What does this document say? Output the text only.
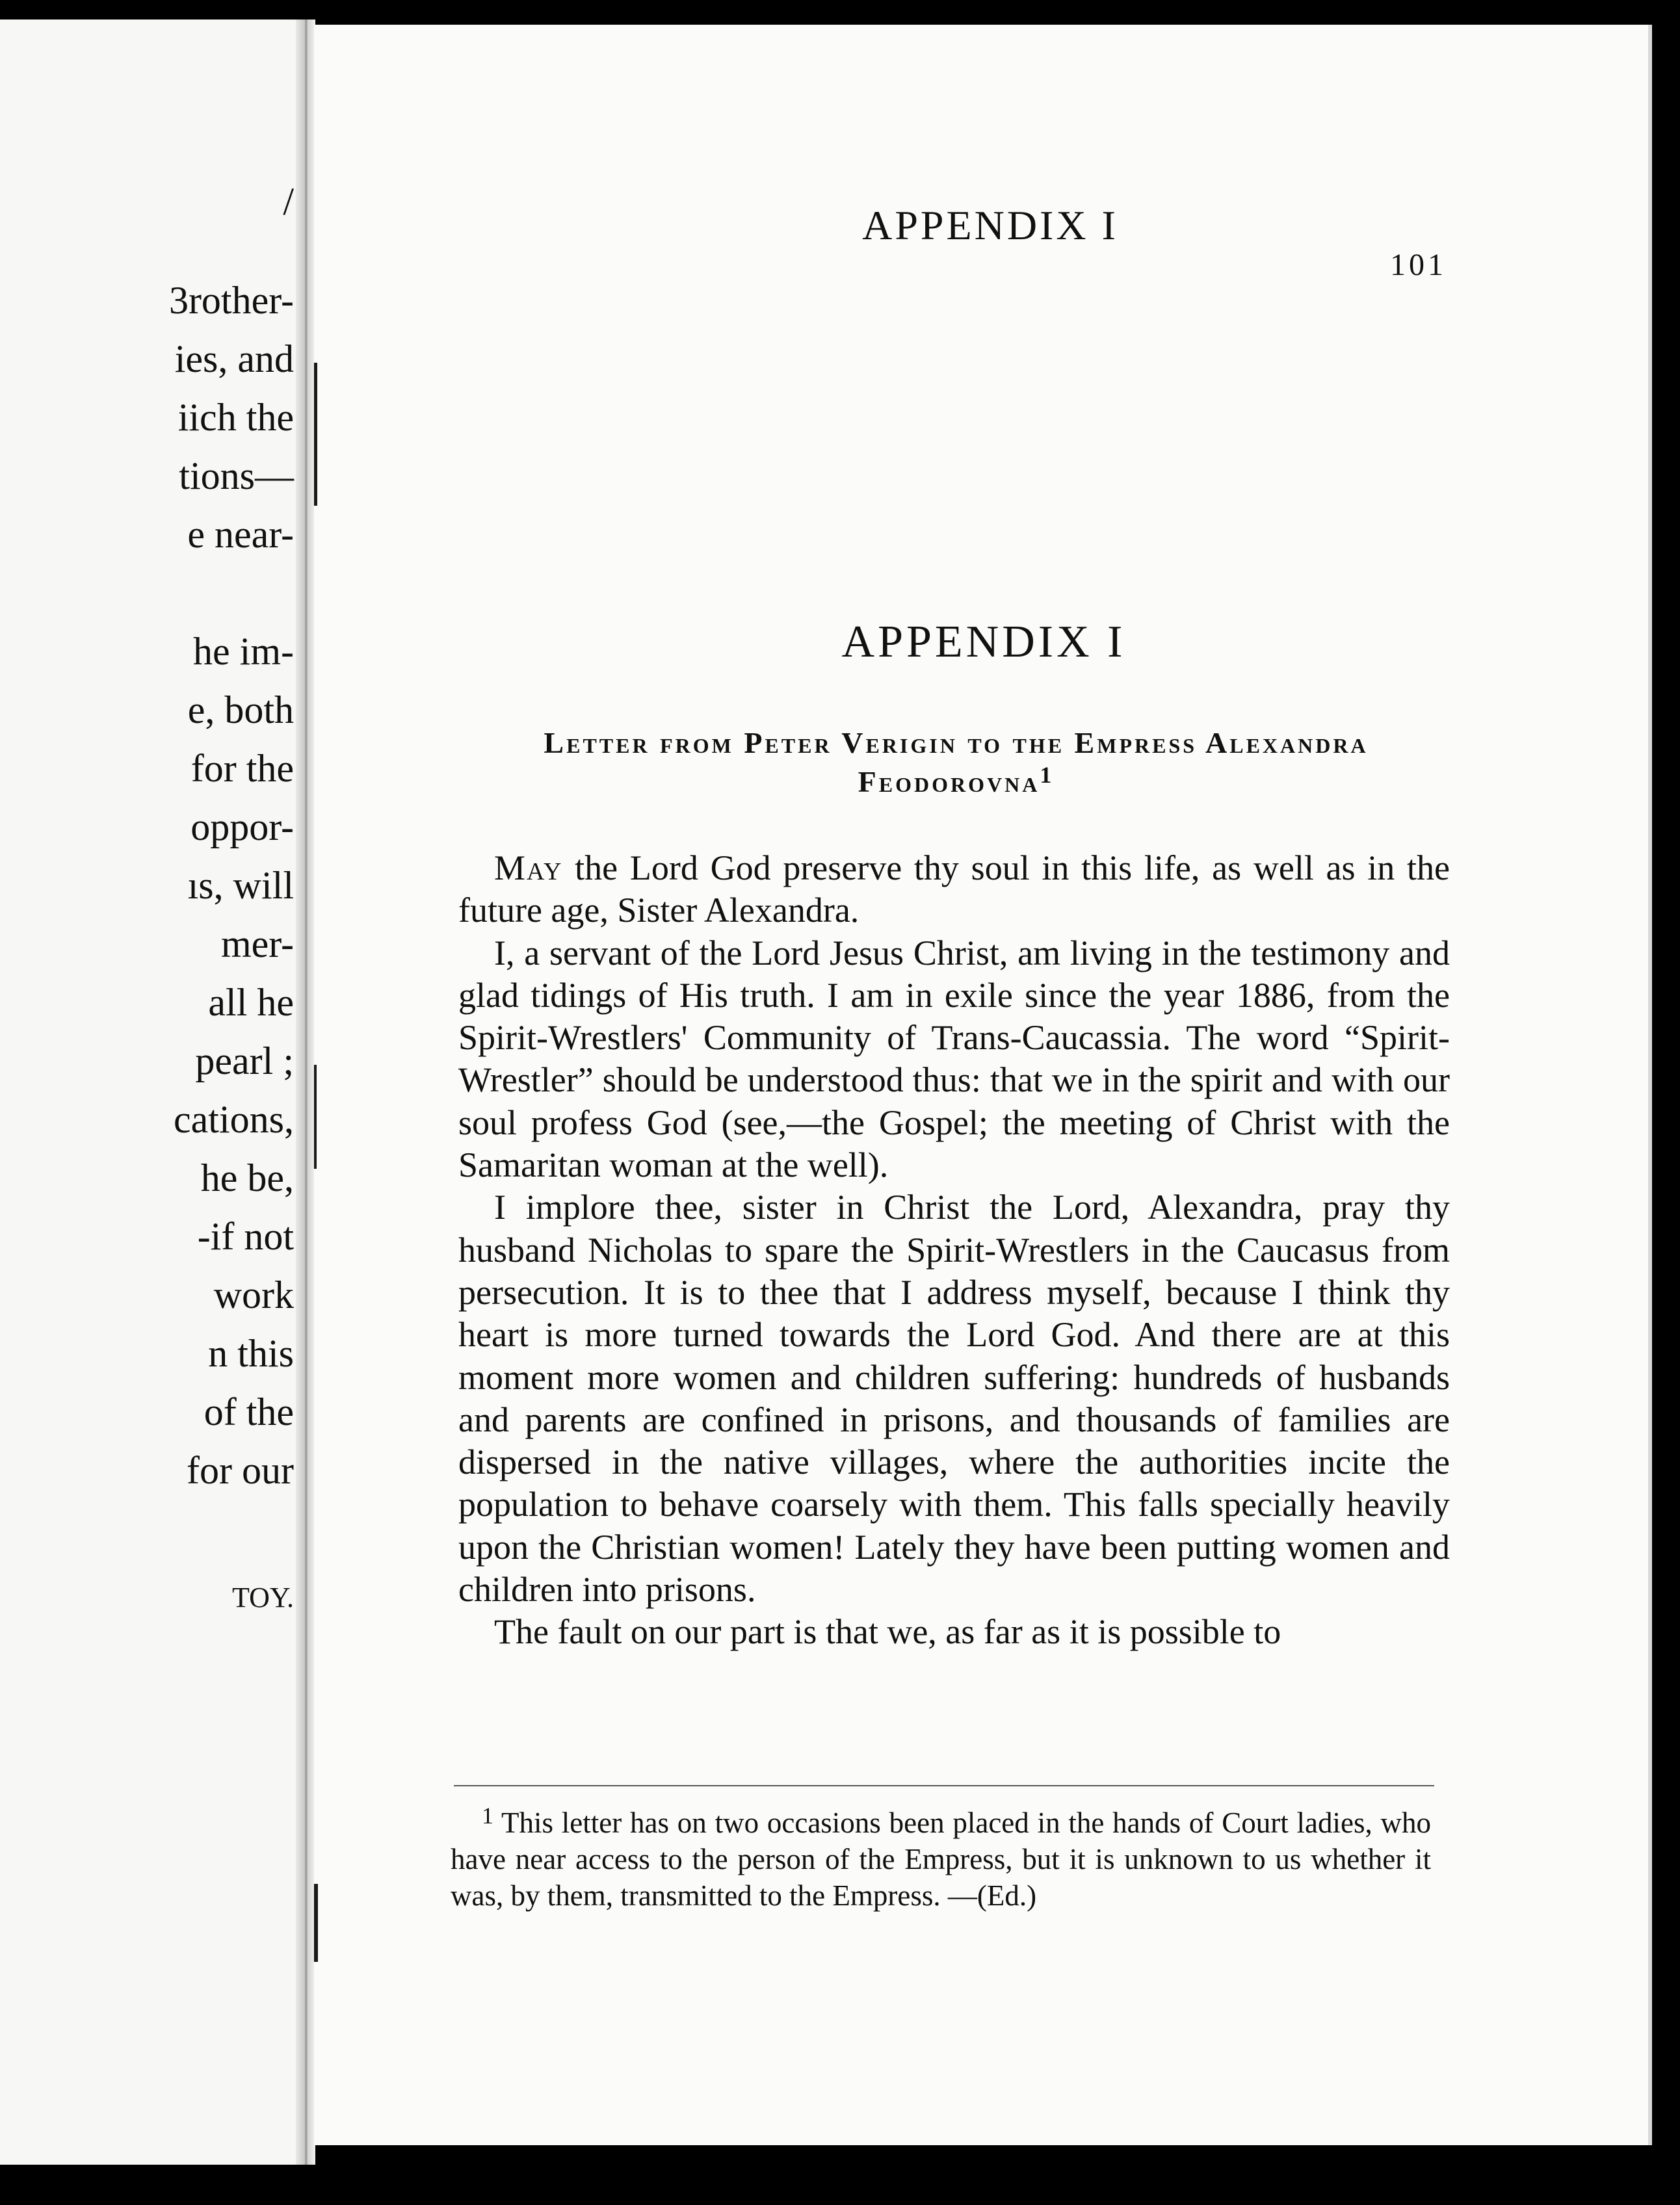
/
3rother-
ies, and
iich the
tions—
e near-
he im-
e, both
for the
oppor-
ıs, will
mer-
all he
pearl ;
cations,
he be,
-if not
work
n this
of the
for our
TOY.
APPENDIX I
101
APPENDIX I
Letter from Peter Verigin to the Empress Alexandra
Feodorovna$^1$

May the Lord God preserve thy soul in this life, as well as in the future age, Sister Alexandra.

I, a servant of the Lord Jesus Christ, am living in the testimony and glad tidings of His truth. I am in exile since the year 1886, from the Spirit-Wrestlers' Community of Trans-Caucassia. The word “Spirit-Wrestler” should be understood thus: that we in the spirit and with our soul profess God (see,—the Gospel; the meeting of Christ with the Samaritan woman at the well).

I implore thee, sister in Christ the Lord, Alexandra, pray thy husband Nicholas to spare the Spirit-Wrestlers in the Caucasus from persecution. It is to thee that I address myself, because I think thy heart is more turned towards the Lord God. And there are at this moment more women and children suffering: hundreds of husbands and parents are confined in prisons, and thousands of families are dispersed in the native villages, where the authorities incite the population to behave coarsely with them. This falls specially heavily upon the Christian women! Lately they have been putting women and children into prisons.

The fault on our part is that we, as far as it is possible to

$^1$ This letter has on two occasions been placed in the hands of Court ladies, who have near access to the person of the Empress, but it is unknown to us whether it was, by them, transmitted to the Empress. —(Ed.)
